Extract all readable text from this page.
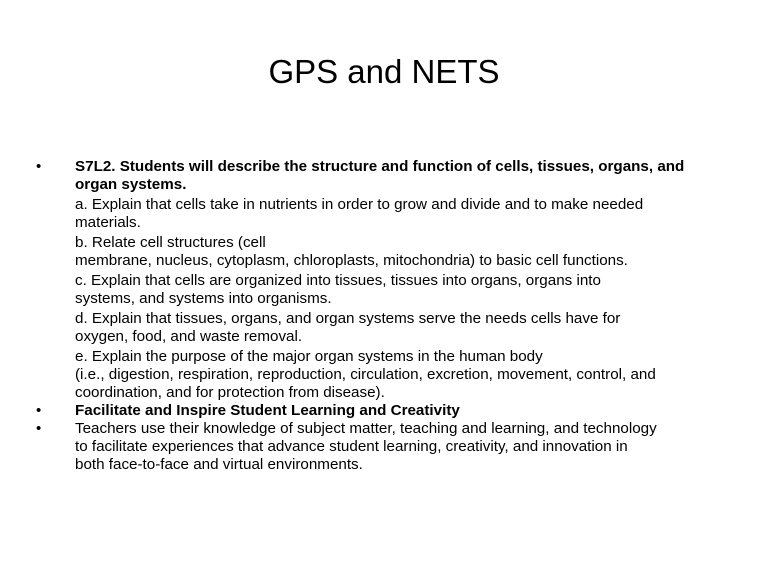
GPS and NETS
•	S7L2. Students will describe the structure and function of cells, tissues, organs, and
organ systems.
a. Explain that cells take in nutrients in order to grow and divide and to make needed
materials.
b. Relate cell structures (cell
membrane, nucleus, cytoplasm, chloroplasts, mitochondria) to basic cell functions.
c. Explain that cells are organized into tissues, tissues into organs, organs into
systems, and systems into organisms.
d. Explain that tissues, organs, and organ systems serve the needs cells have for
oxygen, food, and waste removal.
e. Explain the purpose of the major organ systems in the human body
(i.e., digestion, respiration, reproduction, circulation, excretion, movement, control, and
coordination, and for protection from disease).
•	Facilitate and Inspire Student Learning and Creativity
•	Teachers use their knowledge of subject matter, teaching and learning, and technology
to facilitate experiences that advance student learning, creativity, and innovation in
both face-to-face and virtual environments.
